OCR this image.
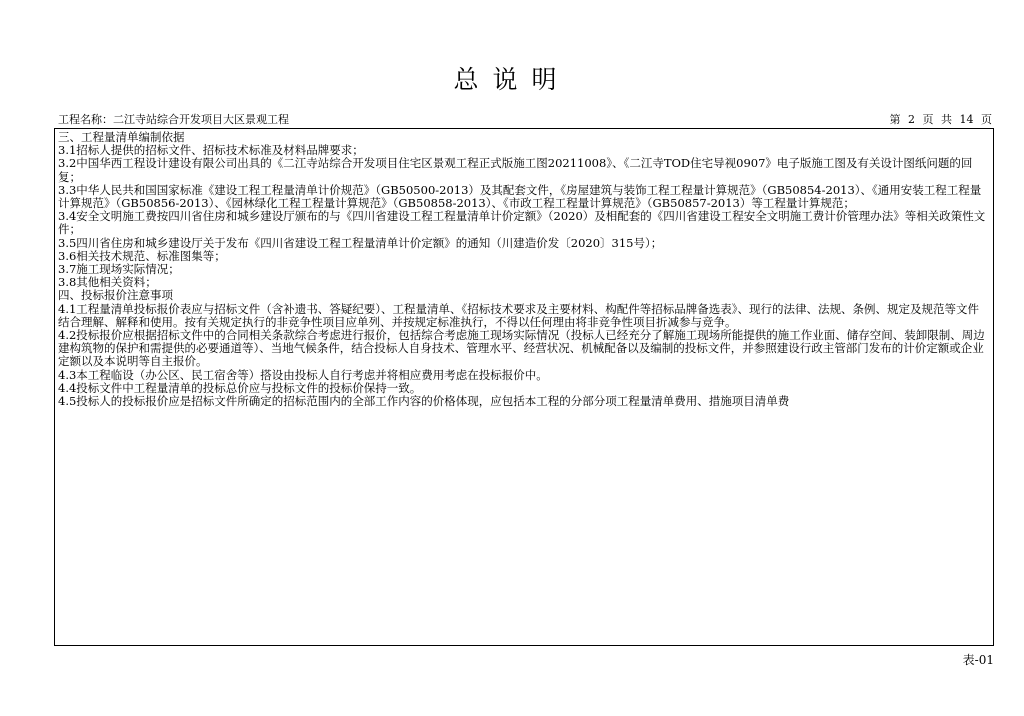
总说明
工程名称：二江寺站综合开发项目大区景观工程	第 2 页 共 14 页

三、工程量清单编制依据

3.1招标人提供的招标文件、招标技术标准及材料品牌要求；

3.2中国华西工程设计建设有限公司出具的《二江寺站综合开发项目住宅区景观工程正式版施工图20211008》、《二江寺TOD住宅导视0907》电子版施工图及有关设计图纸问题的回复；

3.3中华人民共和国国家标准《建设工程工程量清单计价规范》（GB50500-2013）及其配套文件，《房屋建筑与装饰工程工程量计算规范》（GB50854-2013）、《通用安装工程工程量计算规范》（GB50856-2013）、《园林绿化工程工程量计算规范》（GB50858-2013）、《市政工程工程量计算规范》（GB50857-2013）等工程量计算规范；

3.4安全文明施工费按四川省住房和城乡建设厅颁布的与《四川省建设工程工程量清单计价定额》（2020）及相配套的《四川省建设工程安全文明施工费计价管理办法》等相关政策性文件；

3.5四川省住房和城乡建设厅关于发布《四川省建设工程工程量清单计价定额》的通知（川建造价发〔2020〕315号）；

3.6相关技术规范、标准图集等；

3.7施工现场实际情况；

3.8其他相关资料；

四、投标报价注意事项

4.1工程量清单投标报价表应与招标文件（含补遗书、答疑纪要）、工程量清单、《招标技术要求及主要材料、构配件等招标品牌备选表》、现行的法律、法规、条例、规定及规范等文件结合理解、解释和使用。按有关规定执行的非竞争性项目应单列、并按规定标准执行，不得以任何理由将非竞争性项目折减参与竞争。

4.2投标报价应根据招标文件中的合同相关条款综合考虑进行报价，包括综合考虑施工现场实际情况（投标人已经充分了解施工现场所能提供的施工作业面、储存空间、装卸限制、周边建构筑物的保护和需提供的必要通道等）、当地气候条件，结合投标人自身技术、管理水平、经营状况、机械配备以及编制的投标文件，并参照建设行政主管部门发布的计价定额或企业定额以及本说明等自主报价。

4.3本工程临设（办公区、民工宿舍等）搭设由投标人自行考虑并将相应费用考虑在投标报价中。

4.4投标文件中工程量清单的投标总价应与投标文件的投标价保持一致。

4.5投标人的投标报价应是招标文件所确定的招标范围内的全部工作内容的价格体现，应包括本工程的分部分项工程量清单费用、措施项目清单费

表-01
